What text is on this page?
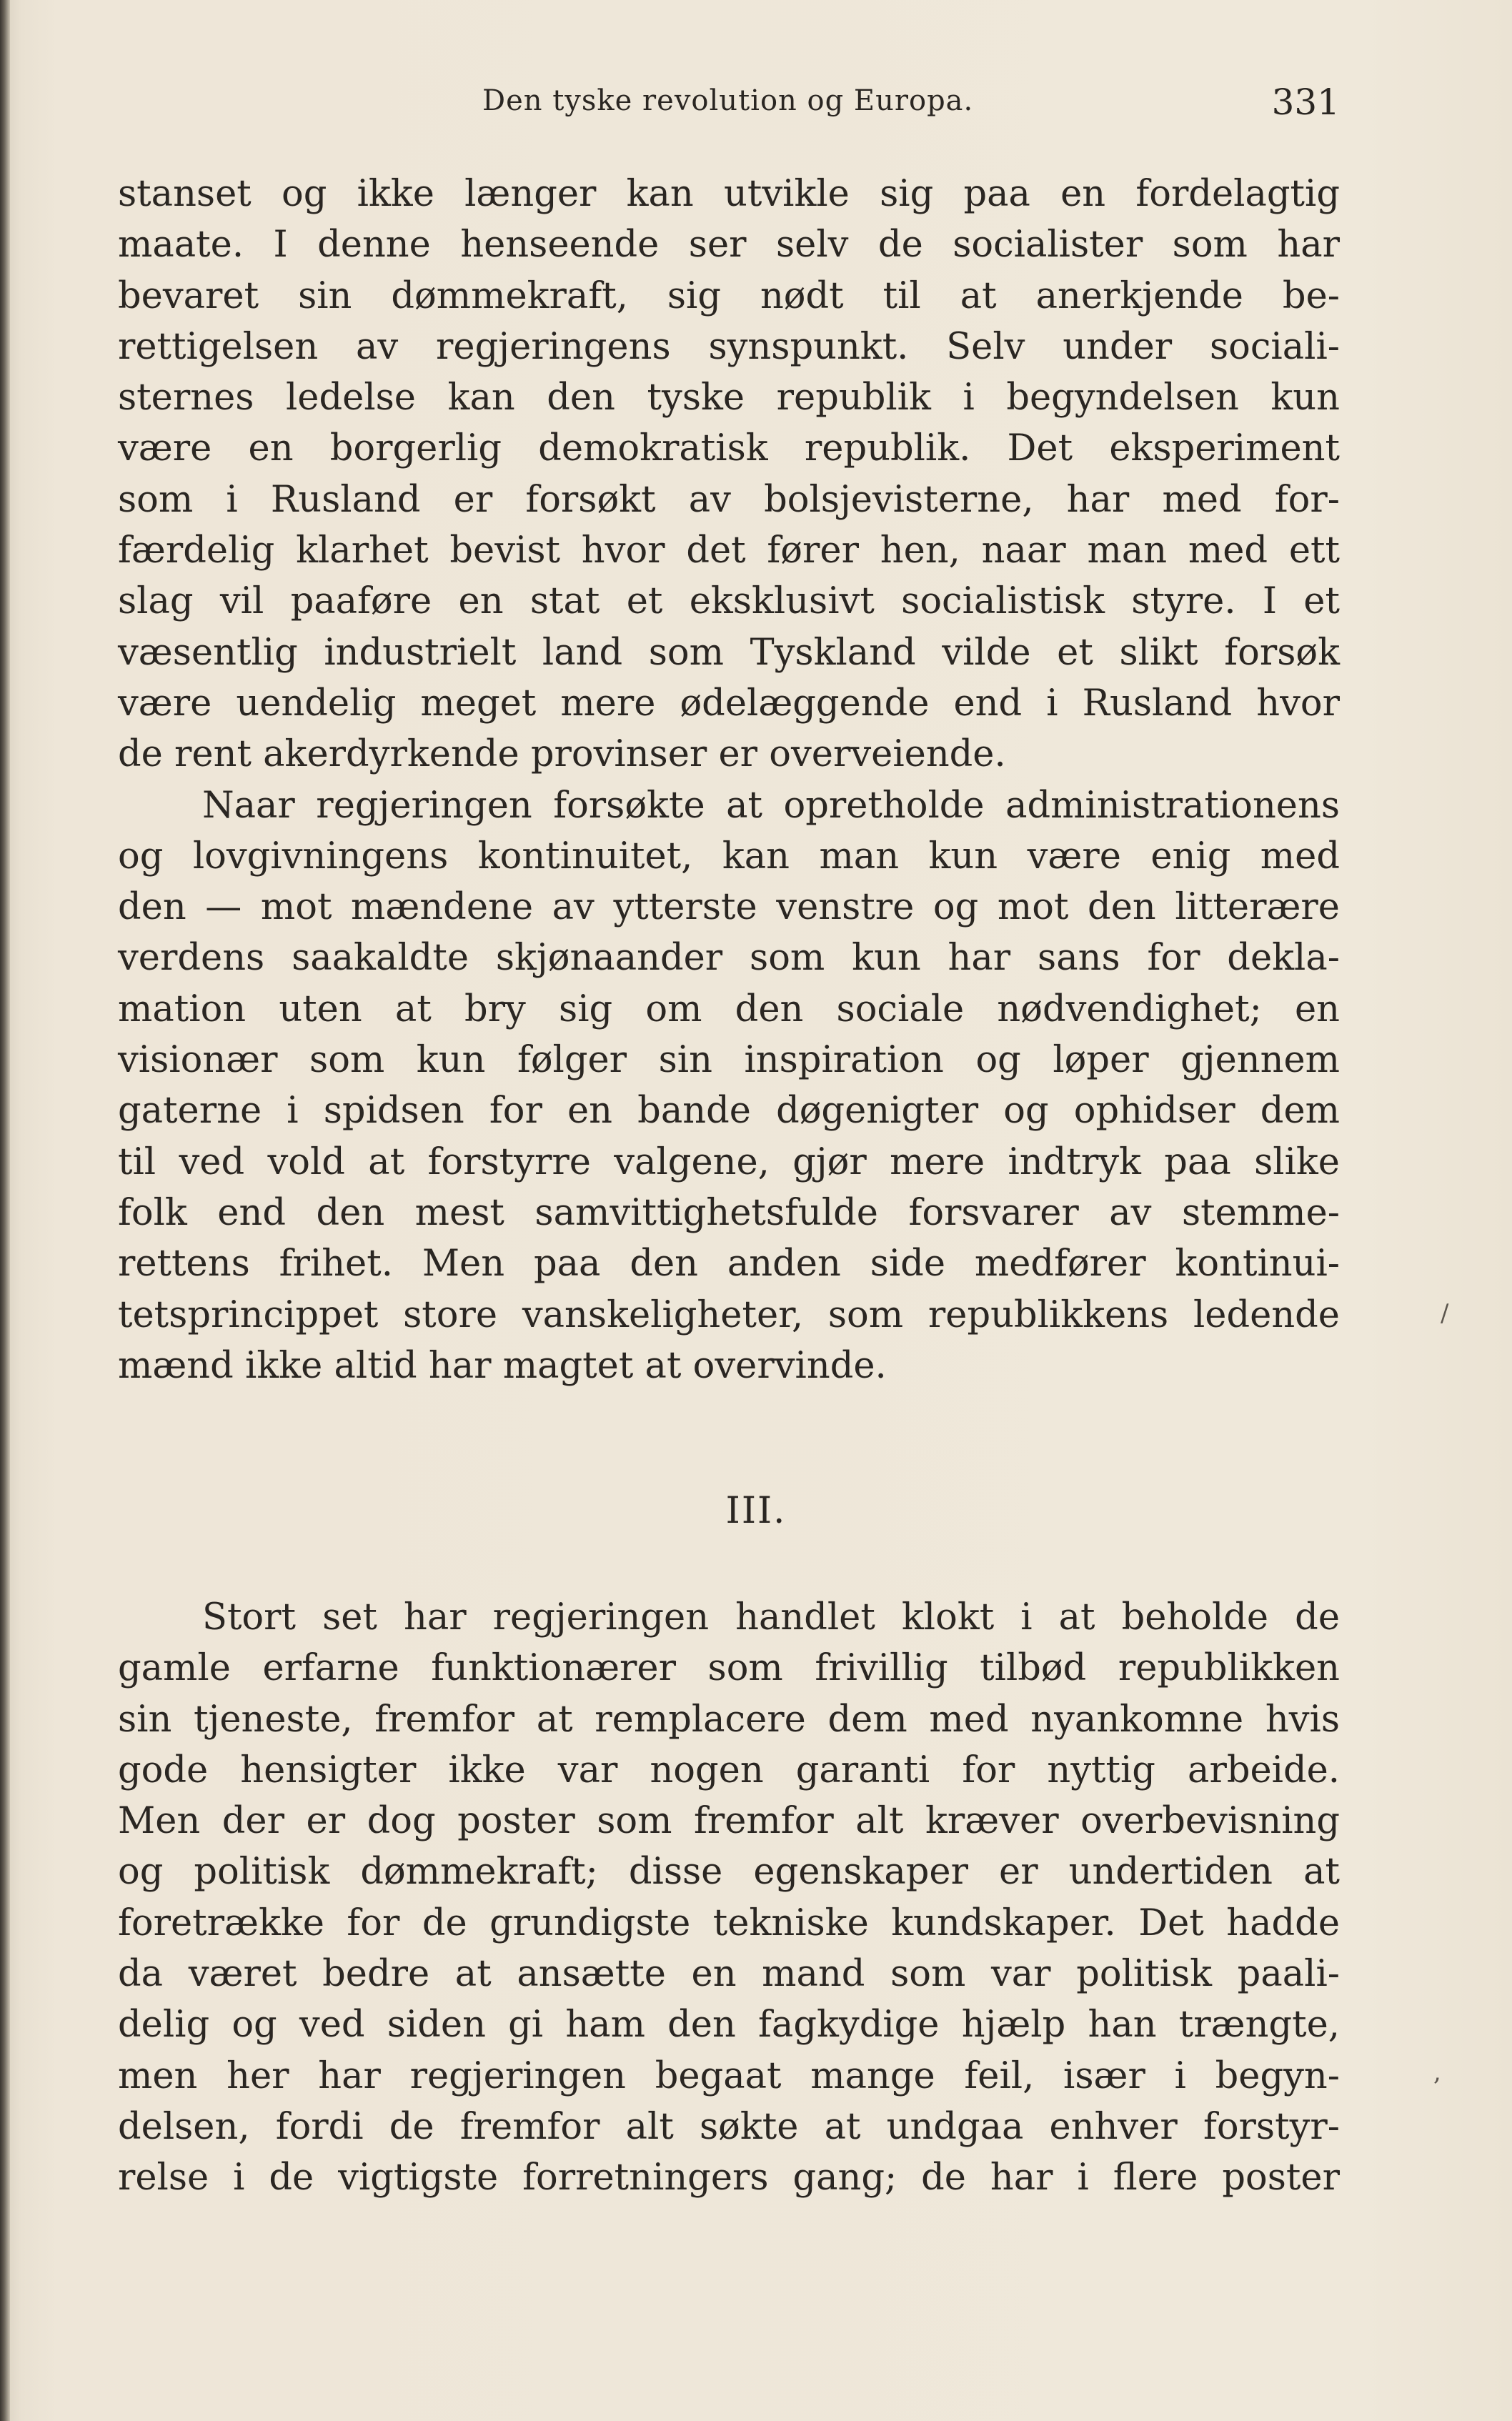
Den tyske revolution og Europa.	331
stanset og ikke længer kan utvikle sig paa en fordelagtig
maate. I denne henseende ser selv de socialister som har
bevaret sin dømmekraft, sig nødt til at anerkjende be-
rettigelsen av regjeringens synspunkt. Selv under sociali-
sternes ledelse kan den tyske republik i begyndelsen kun
være en borgerlig demokratisk republik. Det eksperiment
som i Rusland er forsøkt av bolsjevisterne, har med for-
færdelig klarhet bevist hvor det fører hen, naar man med ett
slag vil paaføre en stat et eksklusivt socialistisk styre. I et
væsentlig industrielt land som Tyskland vilde et slikt forsøk
være uendelig meget mere ødelæggende end i Rusland hvor
de rent akerdyrkende provinser er overveiende.
Naar regjeringen forsøkte at opretholde administrationens
og lovgivningens kontinuitet, kan man kun være enig med
den — mot mændene av ytterste venstre og mot den litterære
verdens saakaldte skjønaander som kun har sans for dekla-
mation uten at bry sig om den sociale nødvendighet; en
visionær som kun følger sin inspiration og løper gjennem
gaterne i spidsen for en bande døgenigter og ophidser dem
til ved vold at forstyrre valgene, gjør mere indtryk paa slike
folk end den mest samvittighetsfulde forsvarer av stemme-
rettens frihet. Men paa den anden side medfører kontinui-
tetsprincippet store vanskeligheter, som republikkens ledende
mænd ikke altid har magtet at overvinde.
III.
Stort set har regjeringen handlet klokt i at beholde de
gamle erfarne funktionærer som frivillig tilbød republikken
sin tjeneste, fremfor at remplacere dem med nyankomne hvis
gode hensigter ikke var nogen garanti for nyttig arbeide.
Men der er dog poster som fremfor alt kræver overbevisning
og politisk dømmekraft; disse egenskaper er undertiden at
foretrække for de grundigste tekniske kundskaper. Det hadde
da været bedre at ansætte en mand som var politisk paali-
delig og ved siden gi ham den fagkydige hjælp han trængte,
men her har regjeringen begaat mange feil, især i begyn-
delsen, fordi de fremfor alt søkte at undgaa enhver forstyr-
relse i de vigtigste forretningers gang; de har i flere poster
/
,
